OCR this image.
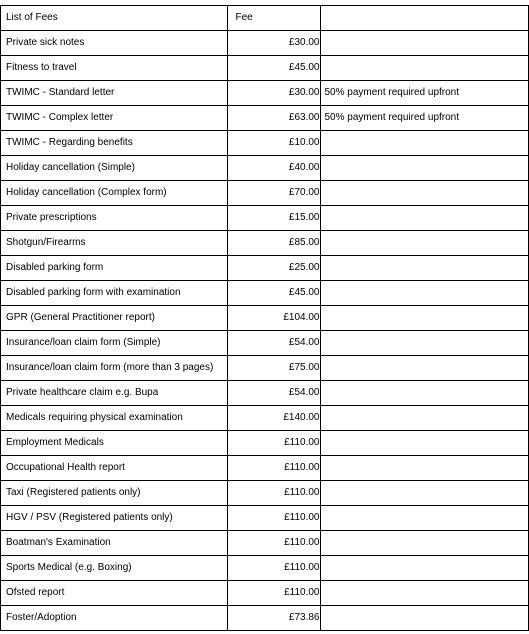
List of Fees	Fee	
Private sick notes	£30.00	
Fitness to travel	£45.00	
TWIMC - Standard letter	£30.00	50% payment required upfront
TWIMC - Complex letter	£63.00	50% payment required upfront
TWIMC - Regarding benefits	£10.00	
Holiday cancellation (Simple)	£40.00	
Holiday cancellation (Complex form)	£70.00	
Private prescriptions	£15.00	
Shotgun/Firearms	£85.00	
Disabled parking form	£25.00	
Disabled parking form with examination	£45.00	
GPR (General Practitioner report)	£104.00	
Insurance/loan claim form (Simple)	£54.00	
Insurance/loan claim form (more than 3 pages)	£75.00	
Private healthcare claim e.g. Bupa	£54.00	
Medicals requiring physical examination	£140.00	
Employment Medicals	£110.00	
Occupational Health report	£110.00	
Taxi (Registered patients only)	£110.00	
HGV / PSV (Registered patients only)	£110.00	
Boatman's Examination	£110.00	
Sports Medical (e.g. Boxing)	£110.00	
Ofsted report	£110.00	
Foster/Adoption	£73.86	
